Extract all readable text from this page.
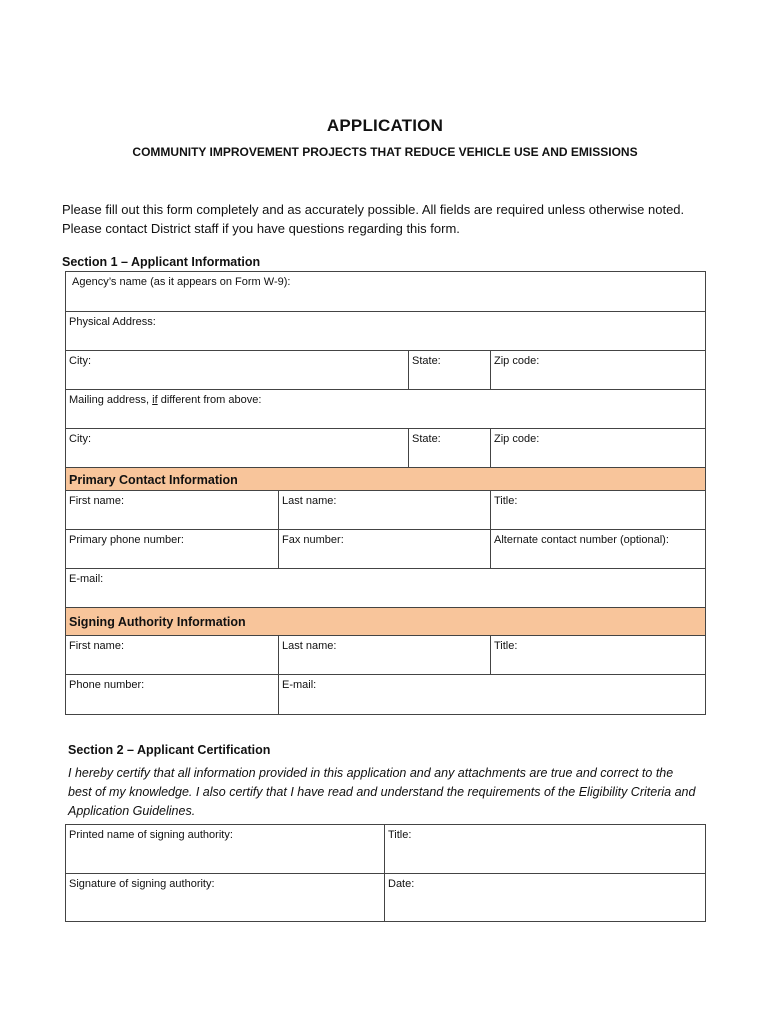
APPLICATION
COMMUNITY IMPROVEMENT PROJECTS THAT REDUCE VEHICLE USE AND EMISSIONS
Please fill out this form completely and as accurately possible. All fields are required unless otherwise noted. Please contact District staff if you have questions regarding this form.
Section 1 – Applicant Information
Agency’s name (as it appears on Form W-9):			
Physical Address:			
City:		State:	Zip code:
Mailing address, if different from above:			
City:		State:	Zip code:
Primary Contact Information			
First name:	Last name:		Title:
Primary phone number:	Fax number:		Alternate contact number (optional):
E-mail:			
Signing Authority Information			
First name:	Last name:		Title:
Phone number:	E-mail:		
Section 2 – Applicant Certification
I hereby certify that all information provided in this application and any attachments are true and correct to the best of my knowledge. I also certify that I have read and understand the requirements of the Eligibility Criteria and Application Guidelines.
Printed name of signing authority:	Title:
Signature of signing authority:	Date:
